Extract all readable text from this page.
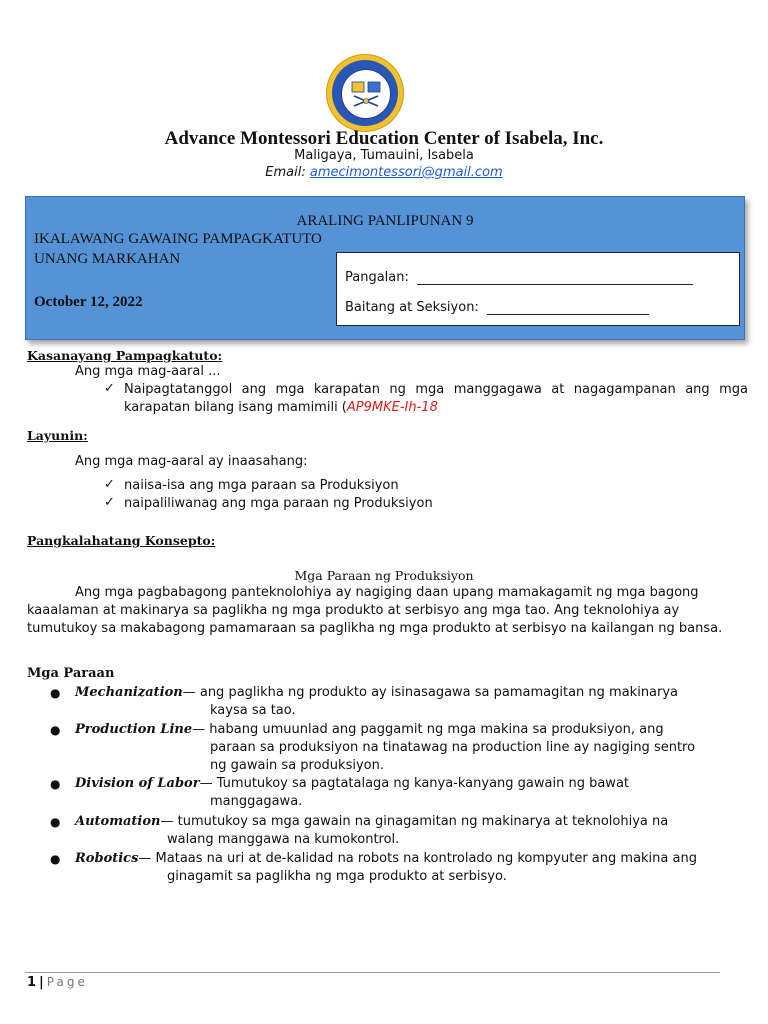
Advance Montessori Education Center of Isabela, Inc.
Maligaya, Tumauini, Isabela
Email: amecimontessori@gmail.com
ARALING PANLIPUNAN 9
IKALAWANG GAWAING PAMPAGKATUTO
UNANG MARKAHAN
October 12, 2022
Pangalan:
Baitang at Seksiyon:
Kasanayang Pampagkatuto:
Ang mga mag-aaral ...
✓ Naipagtatanggol ang mga karapatan ng mga manggagawa at nagagampanan ang mga karapatan bilang isang mamimili (AP9MKE-Ih-18
Layunin:
Ang mga mag-aaral ay inaasahang:
✓ naiisa-isa ang mga paraan sa Produksiyon
✓ naipaliliwanag ang mga paraan ng Produksiyon
Pangkalahatang Konsepto:
Mga Paraan ng Produksiyon
Ang mga pagbabagong panteknolohiya ay nagiging daan upang mamakagamit ng mga bagong kaaalaman at makinarya sa paglikha ng mga produkto at serbisyo ang mga tao. Ang teknolohiya ay tumutukoy sa makabagong pamamaraan sa paglikha ng mga produkto at serbisyo na kailangan ng bansa.
Mga Paraan
● Mechanization— ang paglikha ng produkto ay isinasagawa sa pamamagitan ng makinarya
kaysa sa tao.
● Production Line— habang umuunlad ang paggamit ng mga makina sa produksiyon, ang
paraan sa produksiyon na tinatawag na production line ay nagiging sentro
ng gawain sa produksiyon.
● Division of Labor— Tumutukoy sa pagtatalaga ng kanya-kanyang gawain ng bawat
manggagawa.
● Automation— tumutukoy sa mga gawain na ginagamitan ng makinarya at teknolohiya na
walang manggawa na kumokontrol.
● Robotics— Mataas na uri at de-kalidad na robots na kontrolado ng kompyuter ang makina ang
ginagamit sa paglikha ng mga produkto at serbisyo.
1 | Page
